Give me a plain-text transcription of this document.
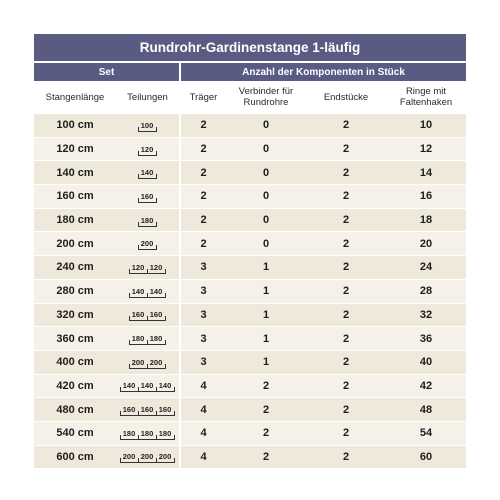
Rundrohr-Gardinenstange 1-läufig					
Set		Anzahl der Komponenten in Stück			
Stangenlänge	Teilungen	Träger	Verbinder für Rundrohre	Endstücke	Ringe mit Faltenhaken
100 cm	100	2	0	2	10
120 cm	120	2	0	2	12
140 cm	140	2	0	2	14
160 cm	160	2	0	2	16
180 cm	180	2	0	2	18
200 cm	200	2	0	2	20
240 cm	120 120	3	1	2	24
280 cm	140 140	3	1	2	28
320 cm	160 160	3	1	2	32
360 cm	180 180	3	1	2	36
400 cm	200 200	3	1	2	40
420 cm	140 140 140	4	2	2	42
480 cm	160 160 160	4	2	2	48
540 cm	180 180 180	4	2	2	54
600 cm	200 200 200	4	2	2	60
